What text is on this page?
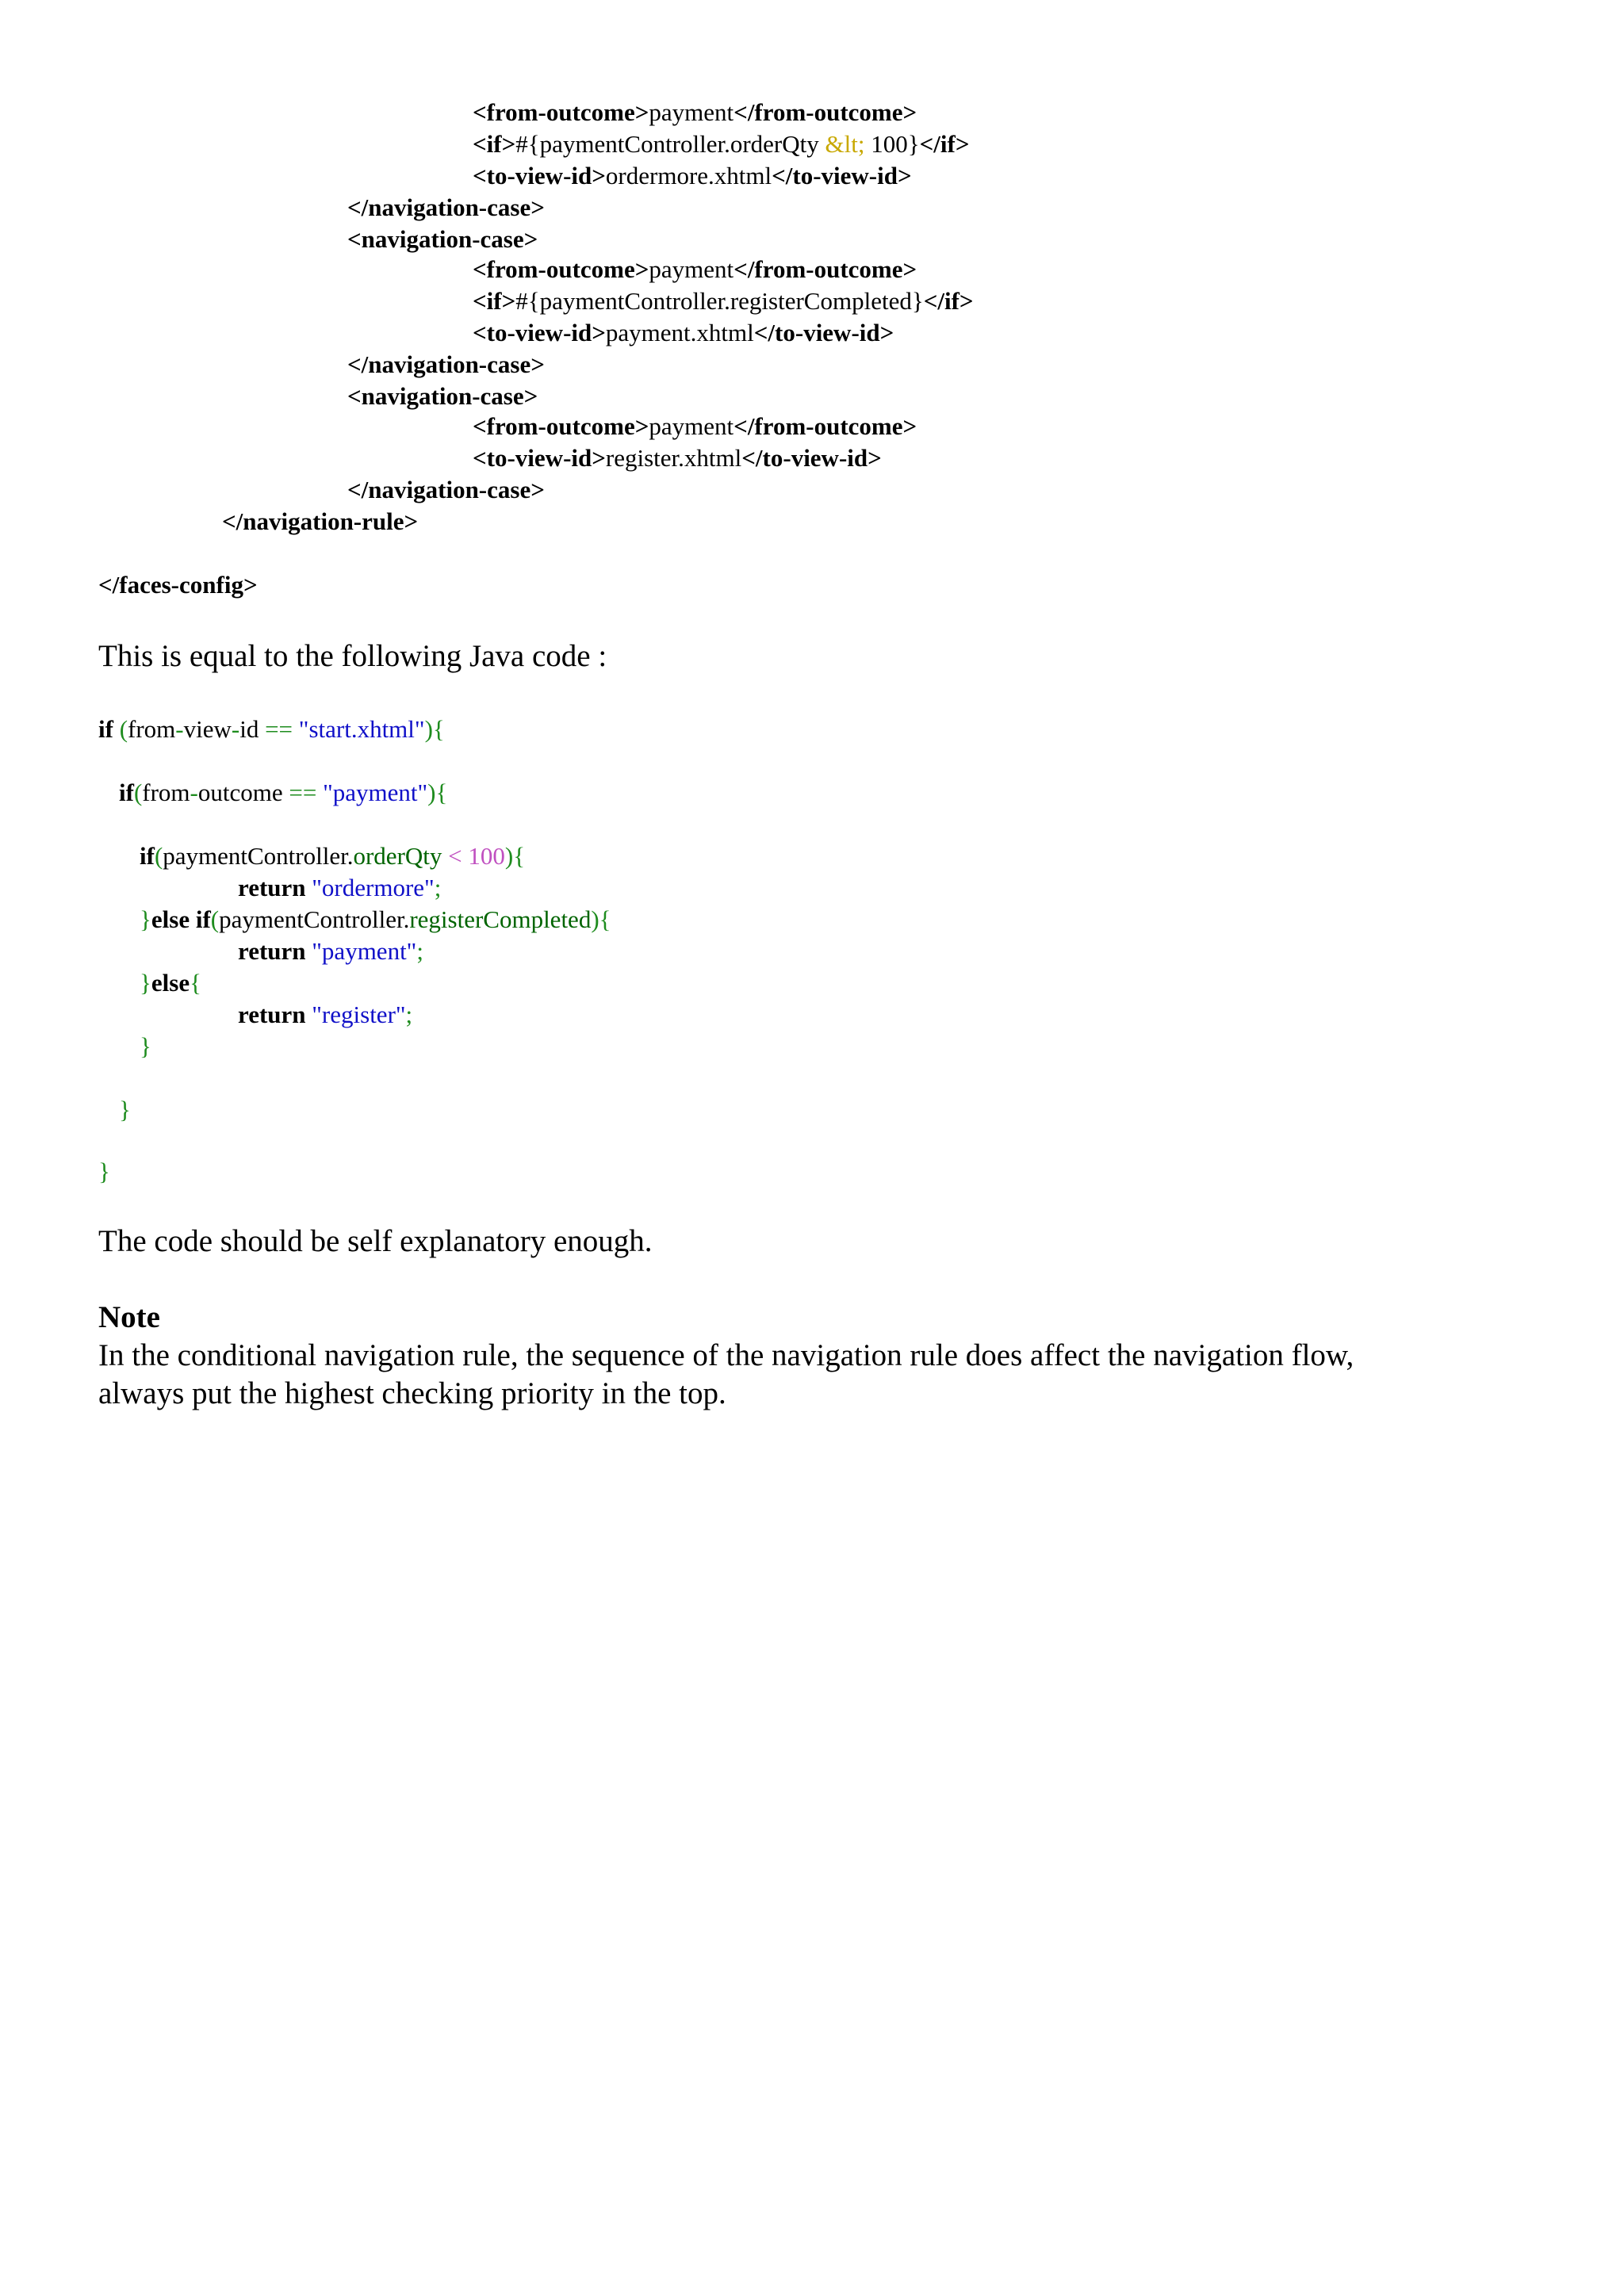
<from-outcome>payment</from-outcome>
<if>#{paymentController.orderQty &lt; 100}</if>
<to-view-id>ordermore.xhtml</to-view-id>
</navigation-case>
<navigation-case>
<from-outcome>payment</from-outcome>
<if>#{paymentController.registerCompleted}</if>
<to-view-id>payment.xhtml</to-view-id>
</navigation-case>
<navigation-case>
<from-outcome>payment</from-outcome>
<to-view-id>register.xhtml</to-view-id>
</navigation-case>
</navigation-rule>
</faces-config>
This is equal to the following Java code :
if (from-view-id == "start.xhtml"){
if(from-outcome == "payment"){
if(paymentController.orderQty < 100){
return "ordermore";
}else if(paymentController.registerCompleted){
return "payment";
}else{
return "register";
}
}
}
The code should be self explanatory enough.
Note
In the conditional navigation rule, the sequence of the navigation rule does affect the navigation flow,
always put the highest checking priority in the top.
